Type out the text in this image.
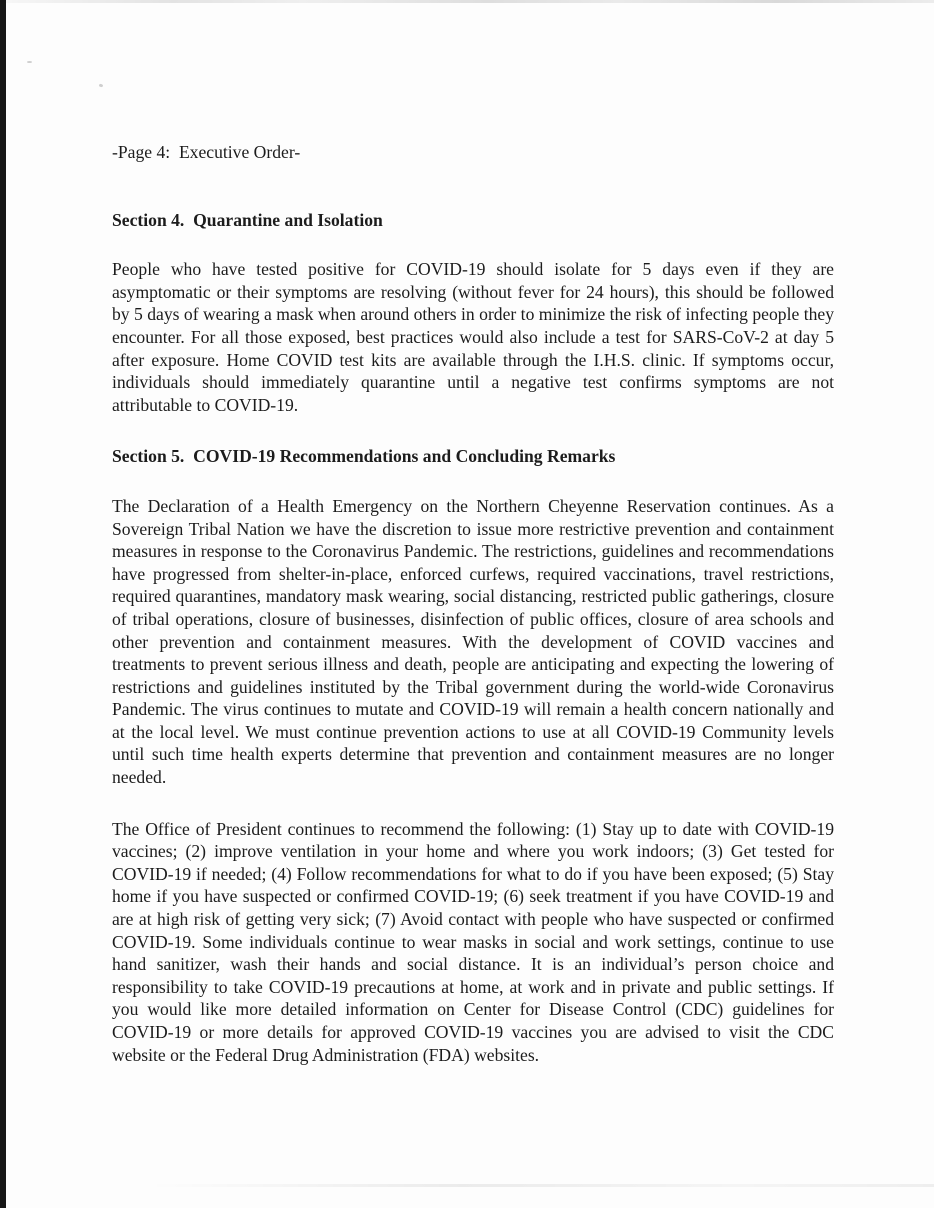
-Page 4:  Executive Order-

Section 4.  Quarantine and Isolation

People who have tested positive for COVID-19 should isolate for 5 days even if they are asymptomatic or their symptoms are resolving (without fever for 24 hours), this should be followed by 5 days of wearing a mask when around others in order to minimize the risk of infecting people they encounter. For all those exposed, best practices would also include a test for SARS-CoV-2 at day 5 after exposure. Home COVID test kits are available through the I.H.S. clinic. If symptoms occur, individuals should immediately quarantine until a negative test confirms symptoms are not attributable to COVID-19.

Section 5.  COVID-19 Recommendations and Concluding Remarks

The Declaration of a Health Emergency on the Northern Cheyenne Reservation continues. As a Sovereign Tribal Nation we have the discretion to issue more restrictive prevention and containment measures in response to the Coronavirus Pandemic. The restrictions, guidelines and recommendations have progressed from shelter-in-place, enforced curfews, required vaccinations, travel restrictions, required quarantines, mandatory mask wearing, social distancing, restricted public gatherings, closure of tribal operations, closure of businesses, disinfection of public offices, closure of area schools and other prevention and containment measures. With the development of COVID vaccines and treatments to prevent serious illness and death, people are anticipating and expecting the lowering of restrictions and guidelines instituted by the Tribal government during the world-wide Coronavirus Pandemic. The virus continues to mutate and COVID-19 will remain a health concern nationally and at the local level. We must continue prevention actions to use at all COVID-19 Community levels until such time health experts determine that prevention and containment measures are no longer needed.

The Office of President continues to recommend the following: (1) Stay up to date with COVID-19 vaccines; (2) improve ventilation in your home and where you work indoors; (3) Get tested for COVID-19 if needed; (4) Follow recommendations for what to do if you have been exposed; (5) Stay home if you have suspected or confirmed COVID-19; (6) seek treatment if you have COVID-19 and are at high risk of getting very sick; (7) Avoid contact with people who have suspected or confirmed COVID-19. Some individuals continue to wear masks in social and work settings, continue to use hand sanitizer, wash their hands and social distance. It is an individual’s person choice and responsibility to take COVID-19 precautions at home, at work and in private and public settings. If you would like more detailed information on Center for Disease Control (CDC) guidelines for COVID-19 or more details for approved COVID-19 vaccines you are advised to visit the CDC website or the Federal Drug Administration (FDA) websites.
